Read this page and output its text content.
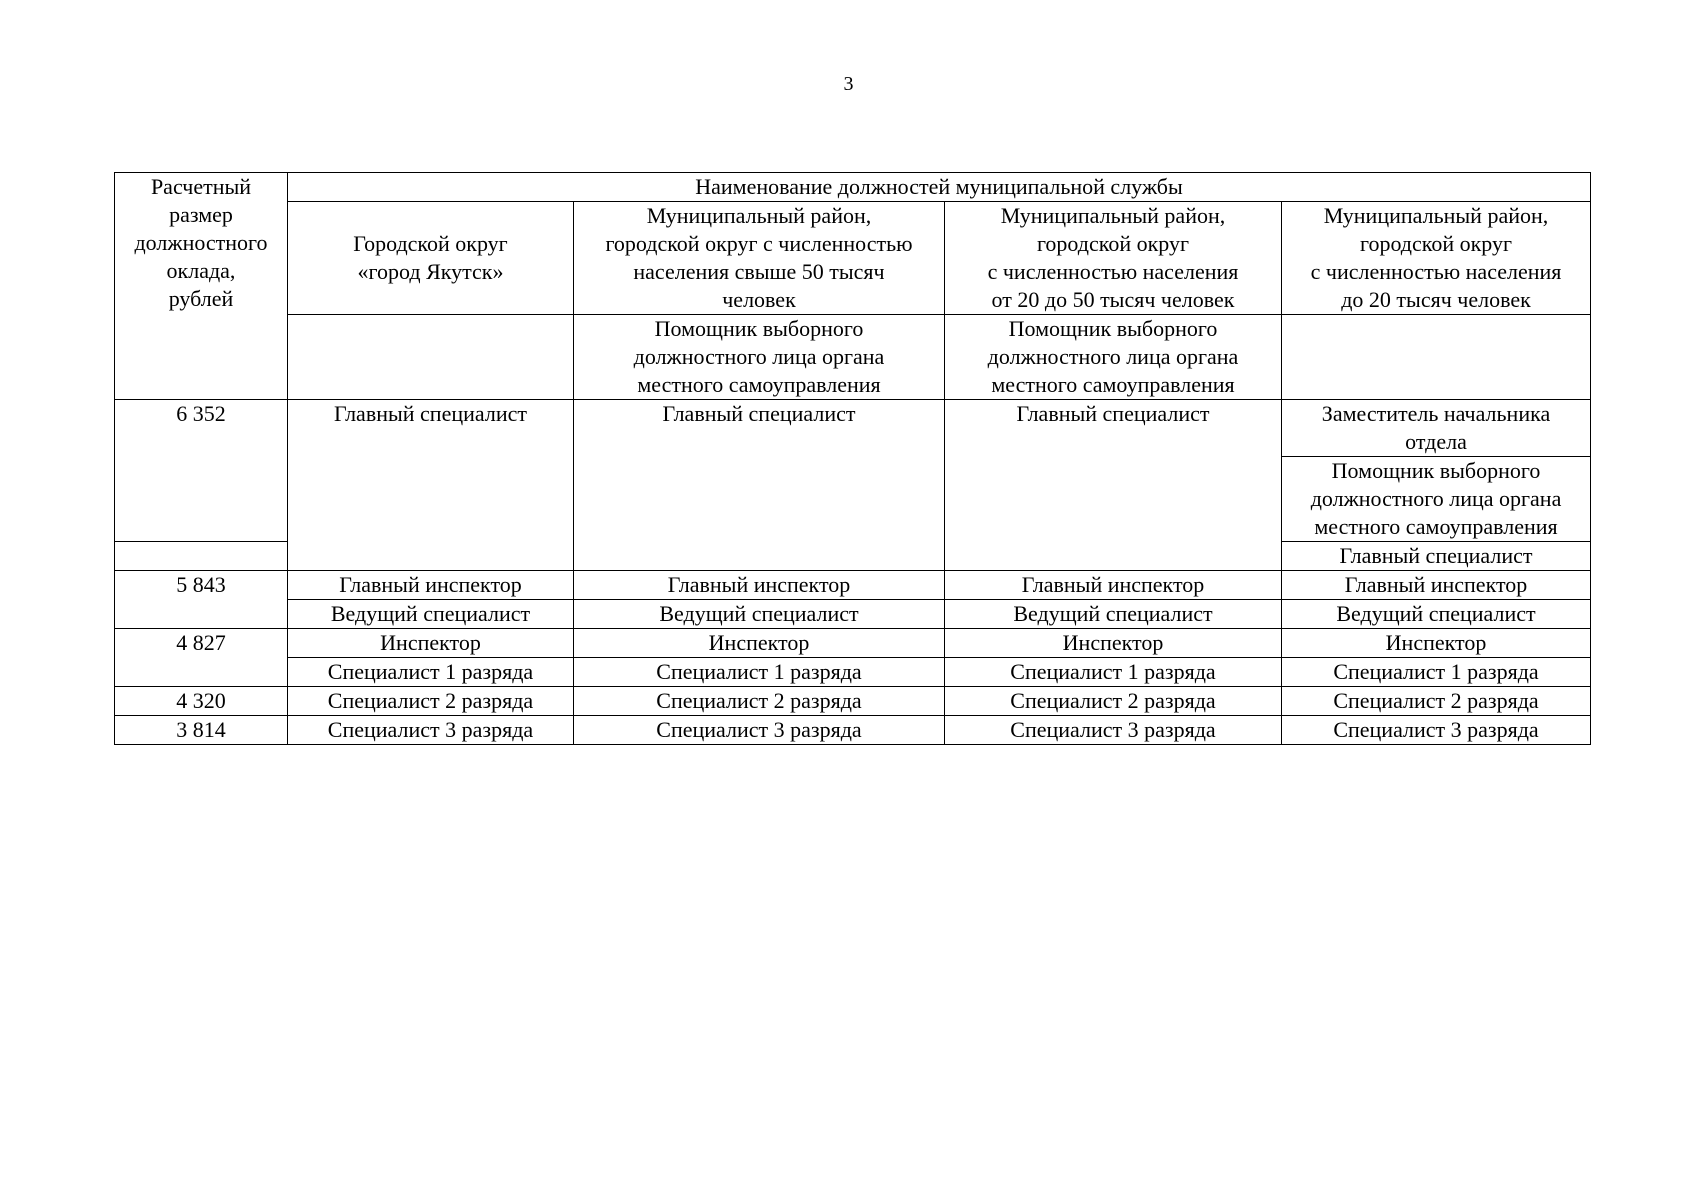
3
Расчетный
размер
должностного
оклада,
рублей	Наименование должностей муниципальной службы			
	Городской округ
«город Якутск»	Муниципальный район,
городской округ с численностью
населения свыше 50 тысяч
человек	Муниципальный район,
городской округ
с численностью населения
от 20 до 50 тысяч человек	Муниципальный район,
городской округ
с численностью населения
до 20 тысяч человек
		Помощник выборного
должностного лица органа
местного самоуправления	Помощник выборного
должностного лица органа
местного самоуправления	
6 352	Главный специалист	Главный специалист	Главный специалист	Заместитель начальника
отдела
				Помощник выборного
должностного лица органа
местного самоуправления
				Главный специалист
5 843	Главный инспектор	Главный инспектор	Главный инспектор	Главный инспектор
	Ведущий специалист	Ведущий специалист	Ведущий специалист	Ведущий специалист
4 827	Инспектор	Инспектор	Инспектор	Инспектор
	Специалист 1 разряда	Специалист 1 разряда	Специалист 1 разряда	Специалист 1 разряда
4 320	Специалист 2 разряда	Специалист 2 разряда	Специалист 2 разряда	Специалист 2 разряда
3 814	Специалист 3 разряда	Специалист 3 разряда	Специалист 3 разряда	Специалист 3 разряда
